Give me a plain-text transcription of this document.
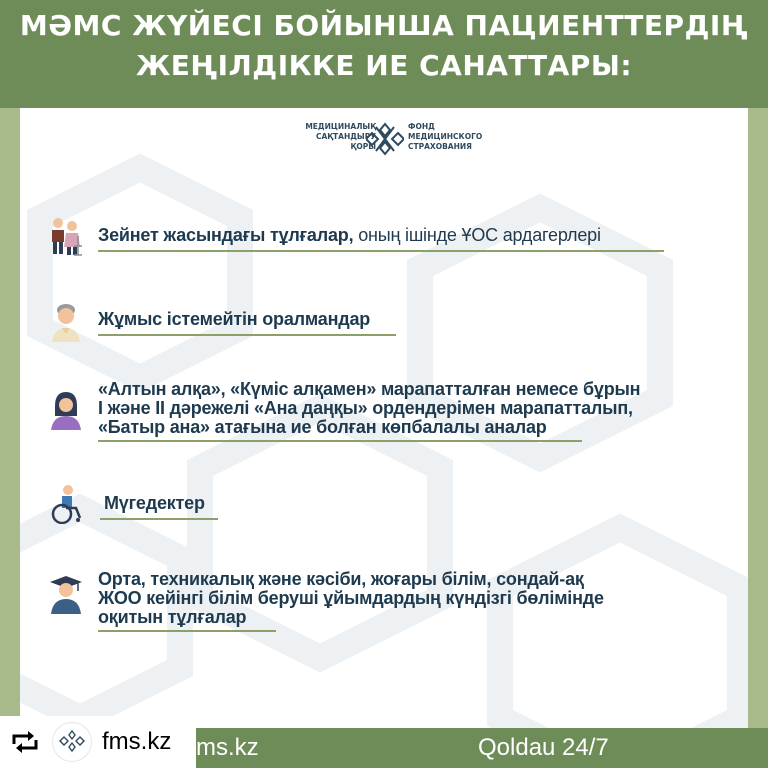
МӘМС ЖҮЙЕСІ БОЙЫНША ПАЦИЕНТТЕРДІҢ
ЖЕҢІЛДІККЕ ИЕ САНАТТАРЫ:
МЕДИЦИНАЛЫҚ
САҚТАНДЫРУ
ҚОРЫ
ФОНД
МЕДИЦИНСКОГО
СТРАХОВАНИЯ
Зейнет жасындағы тұлғалар, оның ішінде ҰОС ардагерлері
Жұмыс істемейтін оралмандар
«Алтын алқа», «Күміс алқамен» марапатталған немесе бұрын
I және II дәрежелі «Ана даңқы» ордендерімен марапатталып,
«Батыр ана» атағына ие болған көпбалалы аналар
Мүгедектер
Орта, техникалық және кәсіби, жоғары білім, сондай-ақ
ЖОО кейінгі білім беруші ұйымдардың күндізгі бөлімінде
оқитын тұлғалар
ms.kz	Qoldau 24/7
fms.kz
